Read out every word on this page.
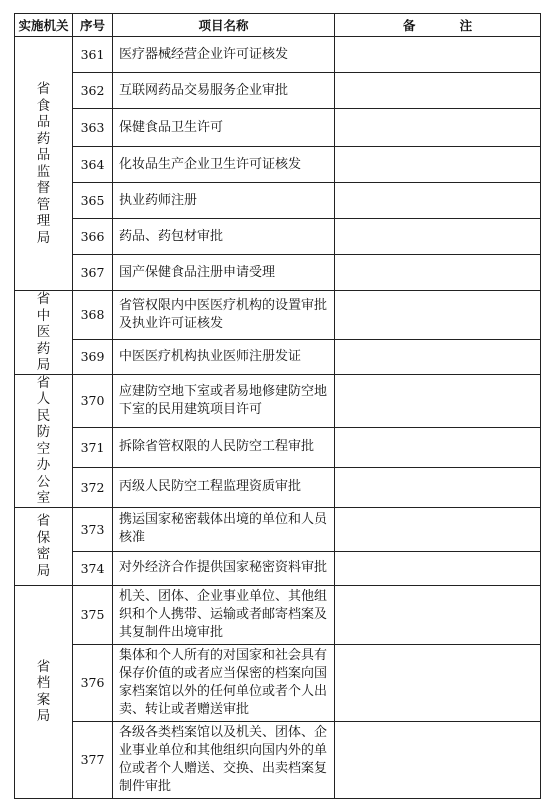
实施机关	序号	项目名称	备 注
省食品药品监督管理局	361	医疗器械经营企业许可证核发	
	362	互联网药品交易服务企业审批	
	363	保健食品卫生许可	
	364	化妆品生产企业卫生许可证核发	
	365	执业药师注册	
	366	药品、药包材审批	
	367	国产保健食品注册申请受理	
省中医药局	368	省管权限内中医医疗机构的设置审批及执业许可证核发	
	369	中医医疗机构执业医师注册发证	
省人民防空办公室	370	应建防空地下室或者易地修建防空地下室的民用建筑项目许可	
	371	拆除省管权限的人民防空工程审批	
	372	丙级人民防空工程监理资质审批	
省保密局	373	携运国家秘密载体出境的单位和人员核准	
	374	对外经济合作提供国家秘密资料审批	
省档案局	375	机关、团体、企业事业单位、其他组织和个人携带、运输或者邮寄档案及其复制件出境审批	
	376	集体和个人所有的对国家和社会具有保存价值的或者应当保密的档案向国家档案馆以外的任何单位或者个人出卖、转让或者赠送审批	
	377	各级各类档案馆以及机关、团体、企业事业单位和其他组织向国内外的单位或者个人赠送、交换、出卖档案复制件审批	
